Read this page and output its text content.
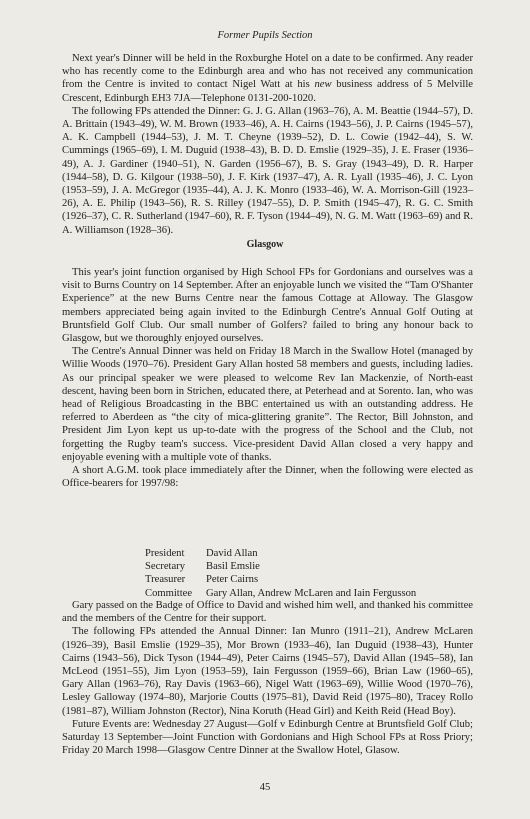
Former Pupils Section

Next year's Dinner will be held in the Roxburghe Hotel on a date to be confirmed. Any reader who has recently come to the Edinburgh area and who has not received any communication from the Centre is invited to contact Nigel Watt at his new business address of 5 Melville Crescent, Edinburgh EH3 7JA—Telephone 0131-200-1020.

The following FPs attended the Dinner: G. J. G. Allan (1963–76), A. M. Beattie (1944–57), D. A. Brittain (1943–49), W. M. Brown (1933–46), A. H. Cairns (1943–56), J. P. Cairns (1945–57), A. K. Campbell (1944–53), J. M. T. Cheyne (1939–52), D. L. Cowie (1942–44), S. W. Cummings (1965–69), I. M. Duguid (1938–43), B. D. D. Emslie (1929–35), J. E. Fraser (1936–49), A. J. Gardiner (1940–51), N. Garden (1956–67), B. S. Gray (1943–49), D. R. Harper (1944–58), D. G. Kilgour (1938–50), J. F. Kirk (1937–47), A. R. Lyall (1935–46), J. C. Lyon (1953–59), J. A. McGregor (1935–44), A. J. K. Monro (1933–46), W. A. Morrison-Gill (1923–26), A. E. Philip (1943–56), R. S. Rilley (1947–55), D. P. Smith (1945–47), R. G. C. Smith (1926–37), C. R. Sutherland (1947–60), R. F. Tyson (1944–49), N. G. M. Watt (1963–69) and R. A. Williamson (1928–36).

Glasgow

This year's joint function organised by High School FPs for Gordonians and ourselves was a visit to Burns Country on 14 September. After an enjoyable lunch we visited the “Tam O'Shanter Experience” at the new Burns Centre near the famous Cottage at Alloway. The Glasgow members appreciated being again invited to the Edinburgh Centre's Annual Golf Outing at Bruntsfield Golf Club. Our small number of Golfers? failed to bring any honour back to Glasgow, but we thoroughly enjoyed ourselves.

The Centre's Annual Dinner was held on Friday 18 March in the Swallow Hotel (managed by Willie Woods (1970–76). President Gary Allan hosted 58 members and guests, including ladies. As our principal speaker we were pleased to welcome Rev Ian Mackenzie, of North-east descent, having been born in Strichen, educated there, at Peterhead and at Sorento. Ian, who was head of Religious Broadcasting in the BBC entertained us with an outstanding address. He referred to Aberdeen as “the city of mica-glittering granite”. The Rector, Bill Johnston, and President Jim Lyon kept us up-to-date with the progress of the School and the Club, not forgetting the Rugby team's success. Vice-president David Allan closed a very happy and enjoyable evening with a multiple vote of thanks.

A short A.G.M. took place immediately after the Dinner, when the following were elected as Office-bearers for 1997/98:

President	David Allan
Secretary	Basil Emslie
Treasurer	Peter Cairns
Committee	Gary Allan, Andrew McLaren and Iain Fergusson

Gary passed on the Badge of Office to David and wished him well, and thanked his committee and the members of the Centre for their support.

The following FPs attended the Annual Dinner: Ian Munro (1911–21), Andrew McLaren (1926–39), Basil Emslie (1929–35), Mor Brown (1933–46), Ian Duguid (1938–43), Hunter Cairns (1943–56), Dick Tyson (1944–49), Peter Cairns (1945–57), David Allan (1945–58), Ian McLeod (1951–55), Jim Lyon (1953–59), Iain Fergusson (1959–66), Brian Law (1960–65), Gary Allan (1963–76), Ray Davis (1963–66), Nigel Watt (1963–69), Willie Wood (1970–76), Lesley Galloway (1974–80), Marjorie Coutts (1975–81), David Reid (1975–80), Tracey Rollo (1981–87), William Johnston (Rector), Nina Koruth (Head Girl) and Keith Reid (Head Boy).

Future Events are: Wednesday 27 August—Golf v Edinburgh Centre at Bruntsfield Golf Club; Saturday 13 September—Joint Function with Gordonians and High School FPs at Ross Priory; Friday 20 March 1998—Glasgow Centre Dinner at the Swallow Hotel, Glasow.

45
